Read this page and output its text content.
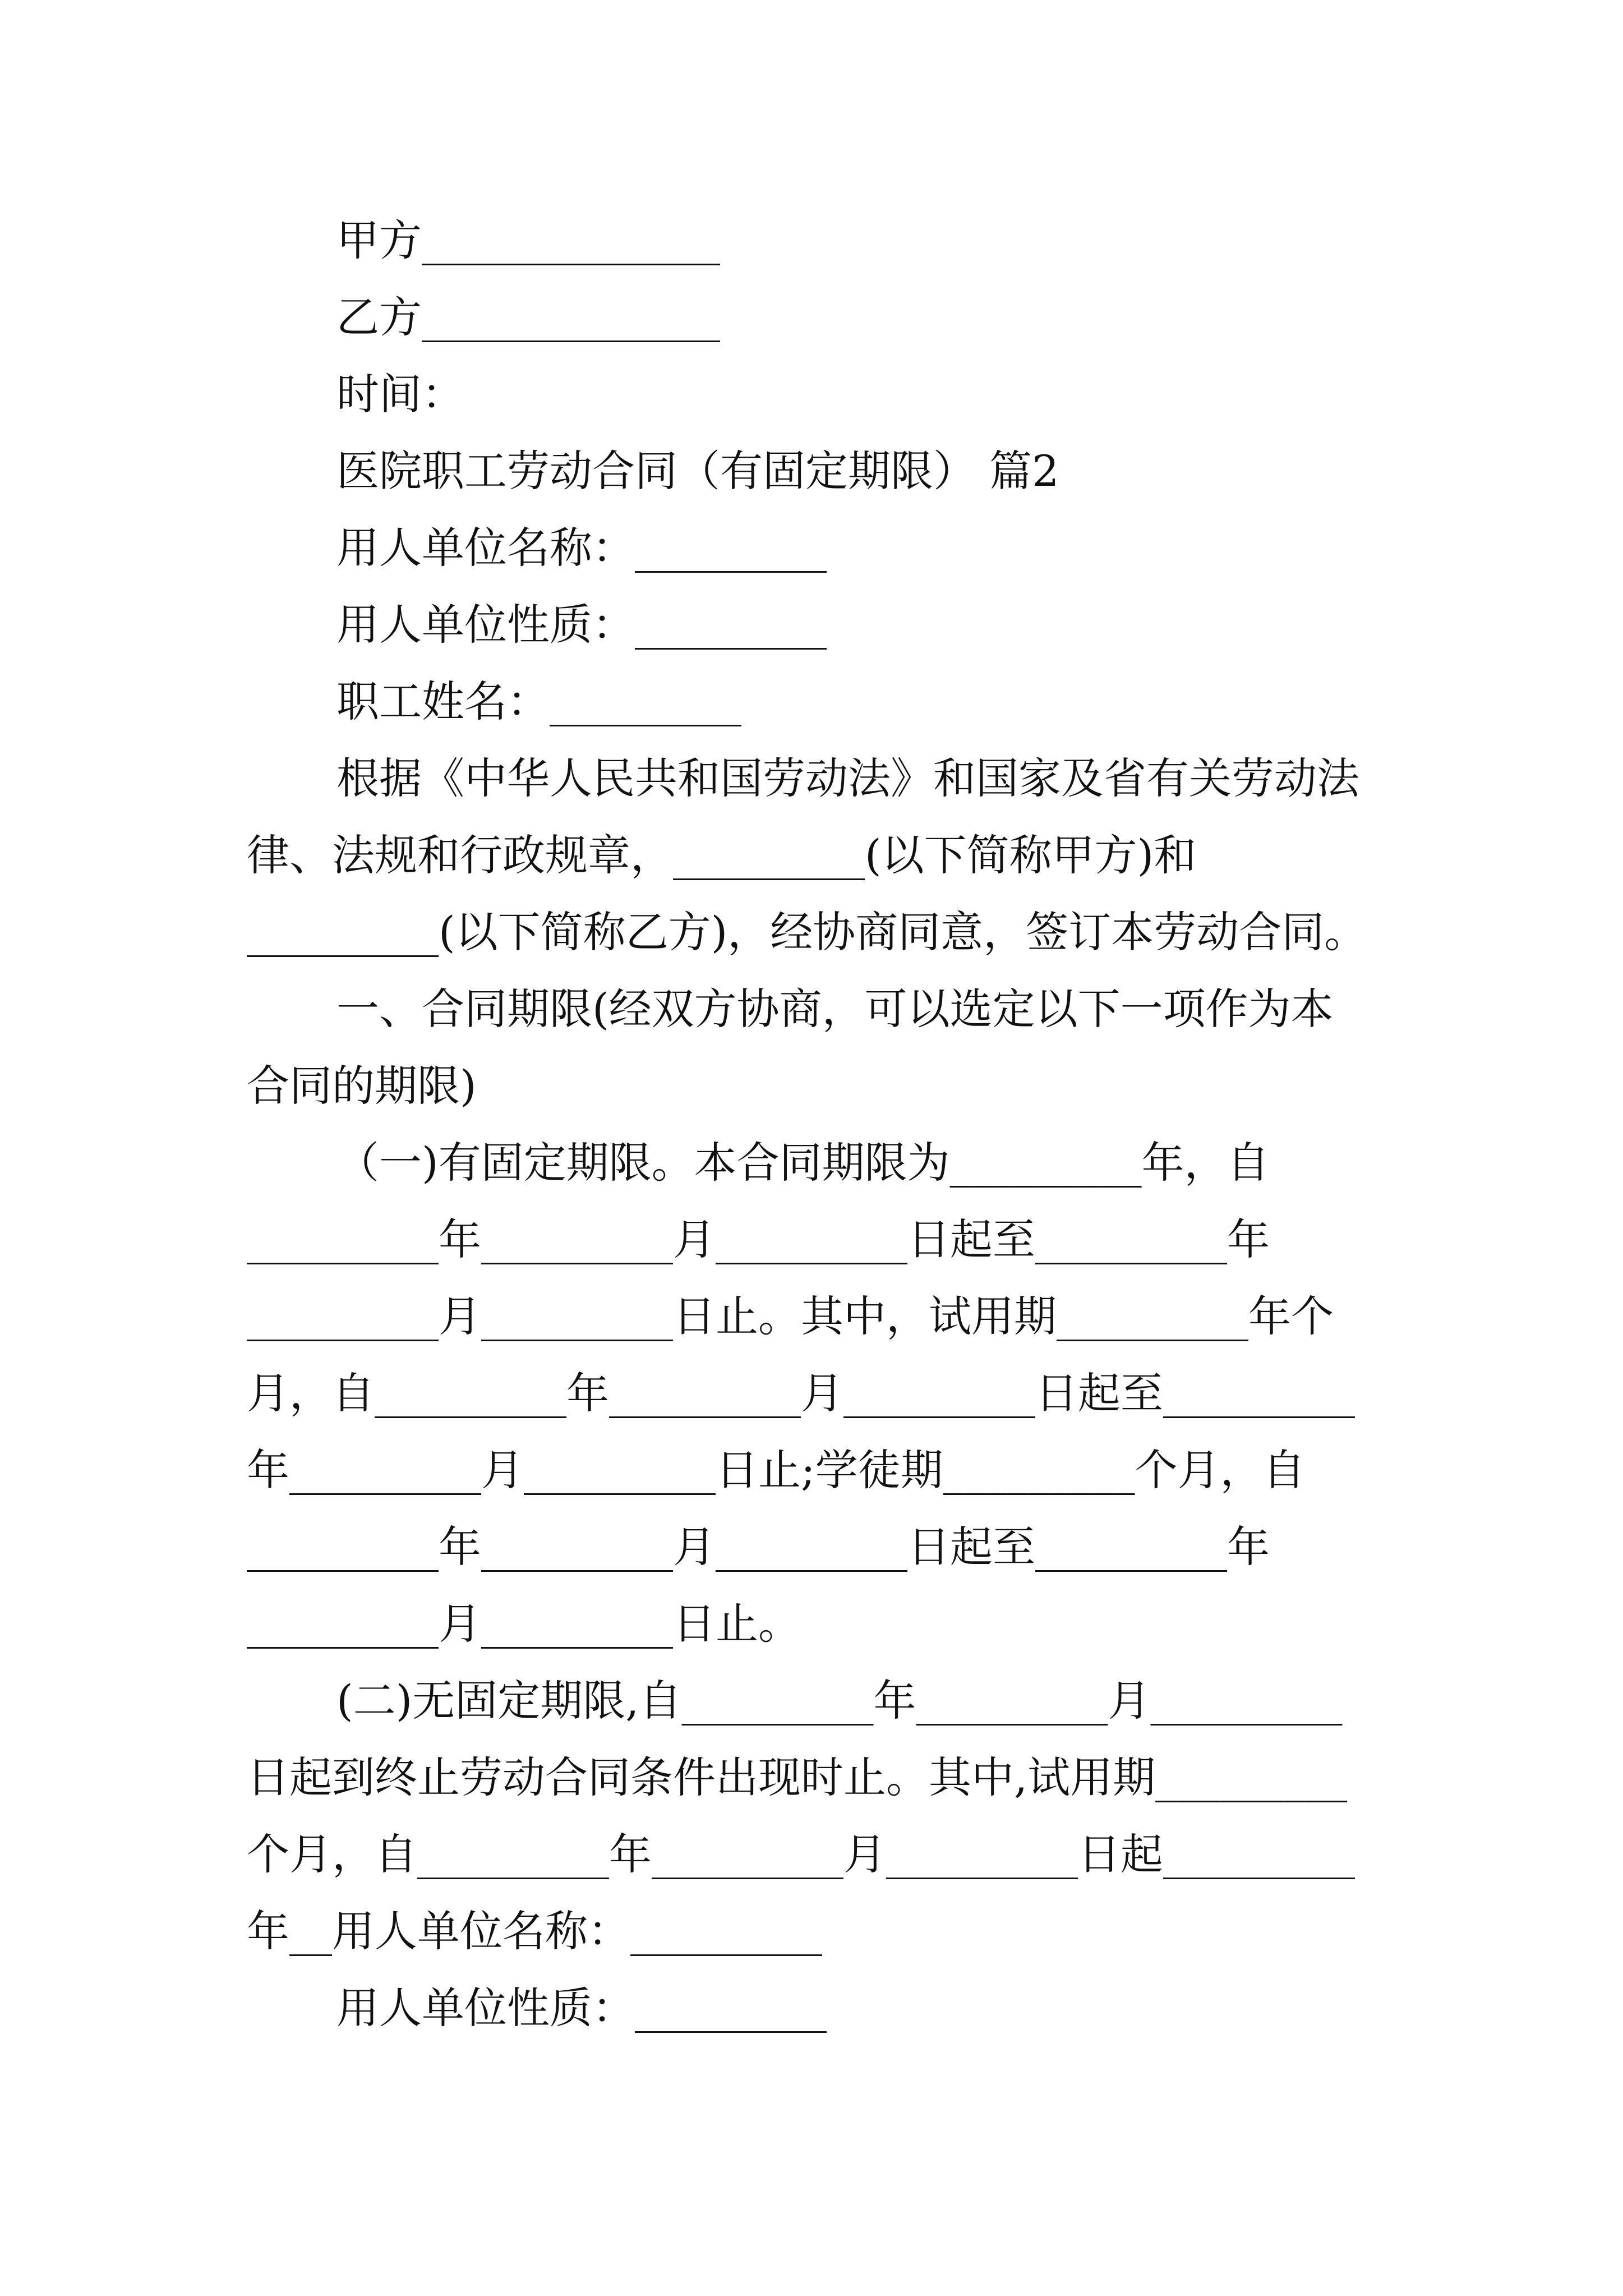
甲方______________
乙方______________
时间：
医院职工劳动合同（有固定期限） 篇2
用人单位名称：_________
用人单位性质：_________
职工姓名：_________
根据《中华人民共和国劳动法》和国家及省有关劳动法
律、法规和行政规章，_________(以下简称甲方)和
_________(以下简称乙方)，经协商同意，签订本劳动合同。
一、合同期限(经双方协商，可以选定以下一项作为本
合同的期限)
（一)有固定期限。本合同期限为_________年，自
_________年_________月_________日起至_________年
_________月_________日止。其中，试用期_________年个
月，自_________年_________月_________日起至_________
年_________月_________日止;学徒期_________个月，自
_________年_________月_________日起至_________年
_________月_________日止。
(二)无固定期限,自_________年_________月_________
日起到终止劳动合同条件出现时止。其中,试用期_________
个月，自_________年_________月_________日起_________
年__用人单位名称：_________
用人单位性质：_________
